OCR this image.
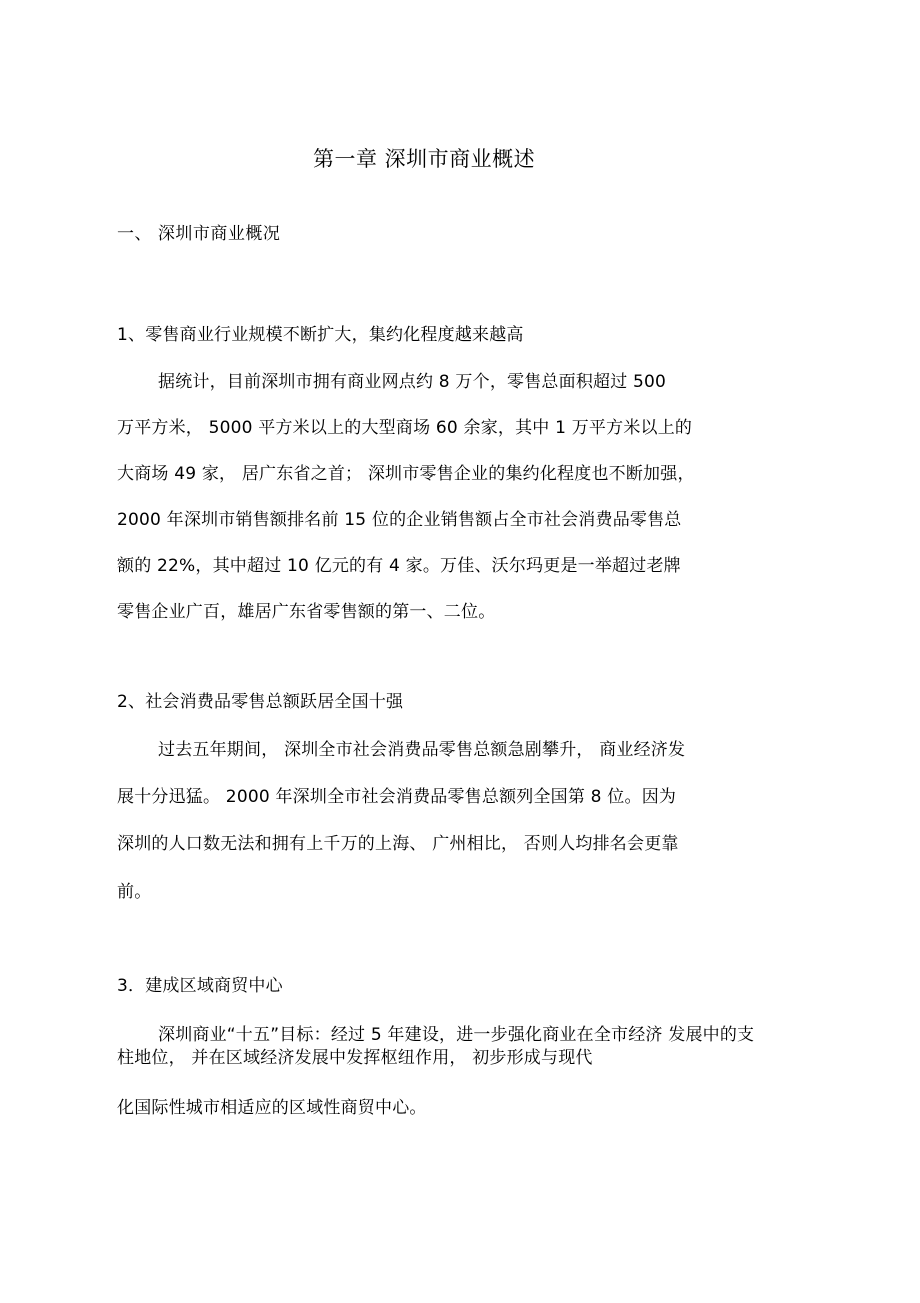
第一章 深圳市商业概述
一、 深圳市商业概况
1、零售商业行业规模不断扩大，集约化程度越来越高
据统计，目前深圳市拥有商业网点约 8 万个，零售总面积超过 500
万平方米， 5000 平方米以上的大型商场 60 余家，其中 1 万平方米以上的
大商场 49 家， 居广东省之首； 深圳市零售企业的集约化程度也不断加强，
2000 年深圳市销售额排名前 15 位的企业销售额占全市社会消费品零售总
额的 22%，其中超过 10 亿元的有 4 家。万佳、沃尔玛更是一举超过老牌
零售企业广百，雄居广东省零售额的第一、二位。
2、社会消费品零售总额跃居全国十强
过去五年期间， 深圳全市社会消费品零售总额急剧攀升， 商业经济发
展十分迅猛。 2000 年深圳全市社会消费品零售总额列全国第 8 位。因为
深圳的人口数无法和拥有上千万的上海、 广州相比， 否则人均排名会更靠
前。
3．建成区域商贸中心
深圳商业“十五”目标：经过 5 年建设，进一步强化商业在全市经济 发展中的支
柱地位， 并在区域经济发展中发挥枢纽作用， 初步形成与现代
化国际性城市相适应的区域性商贸中心。
